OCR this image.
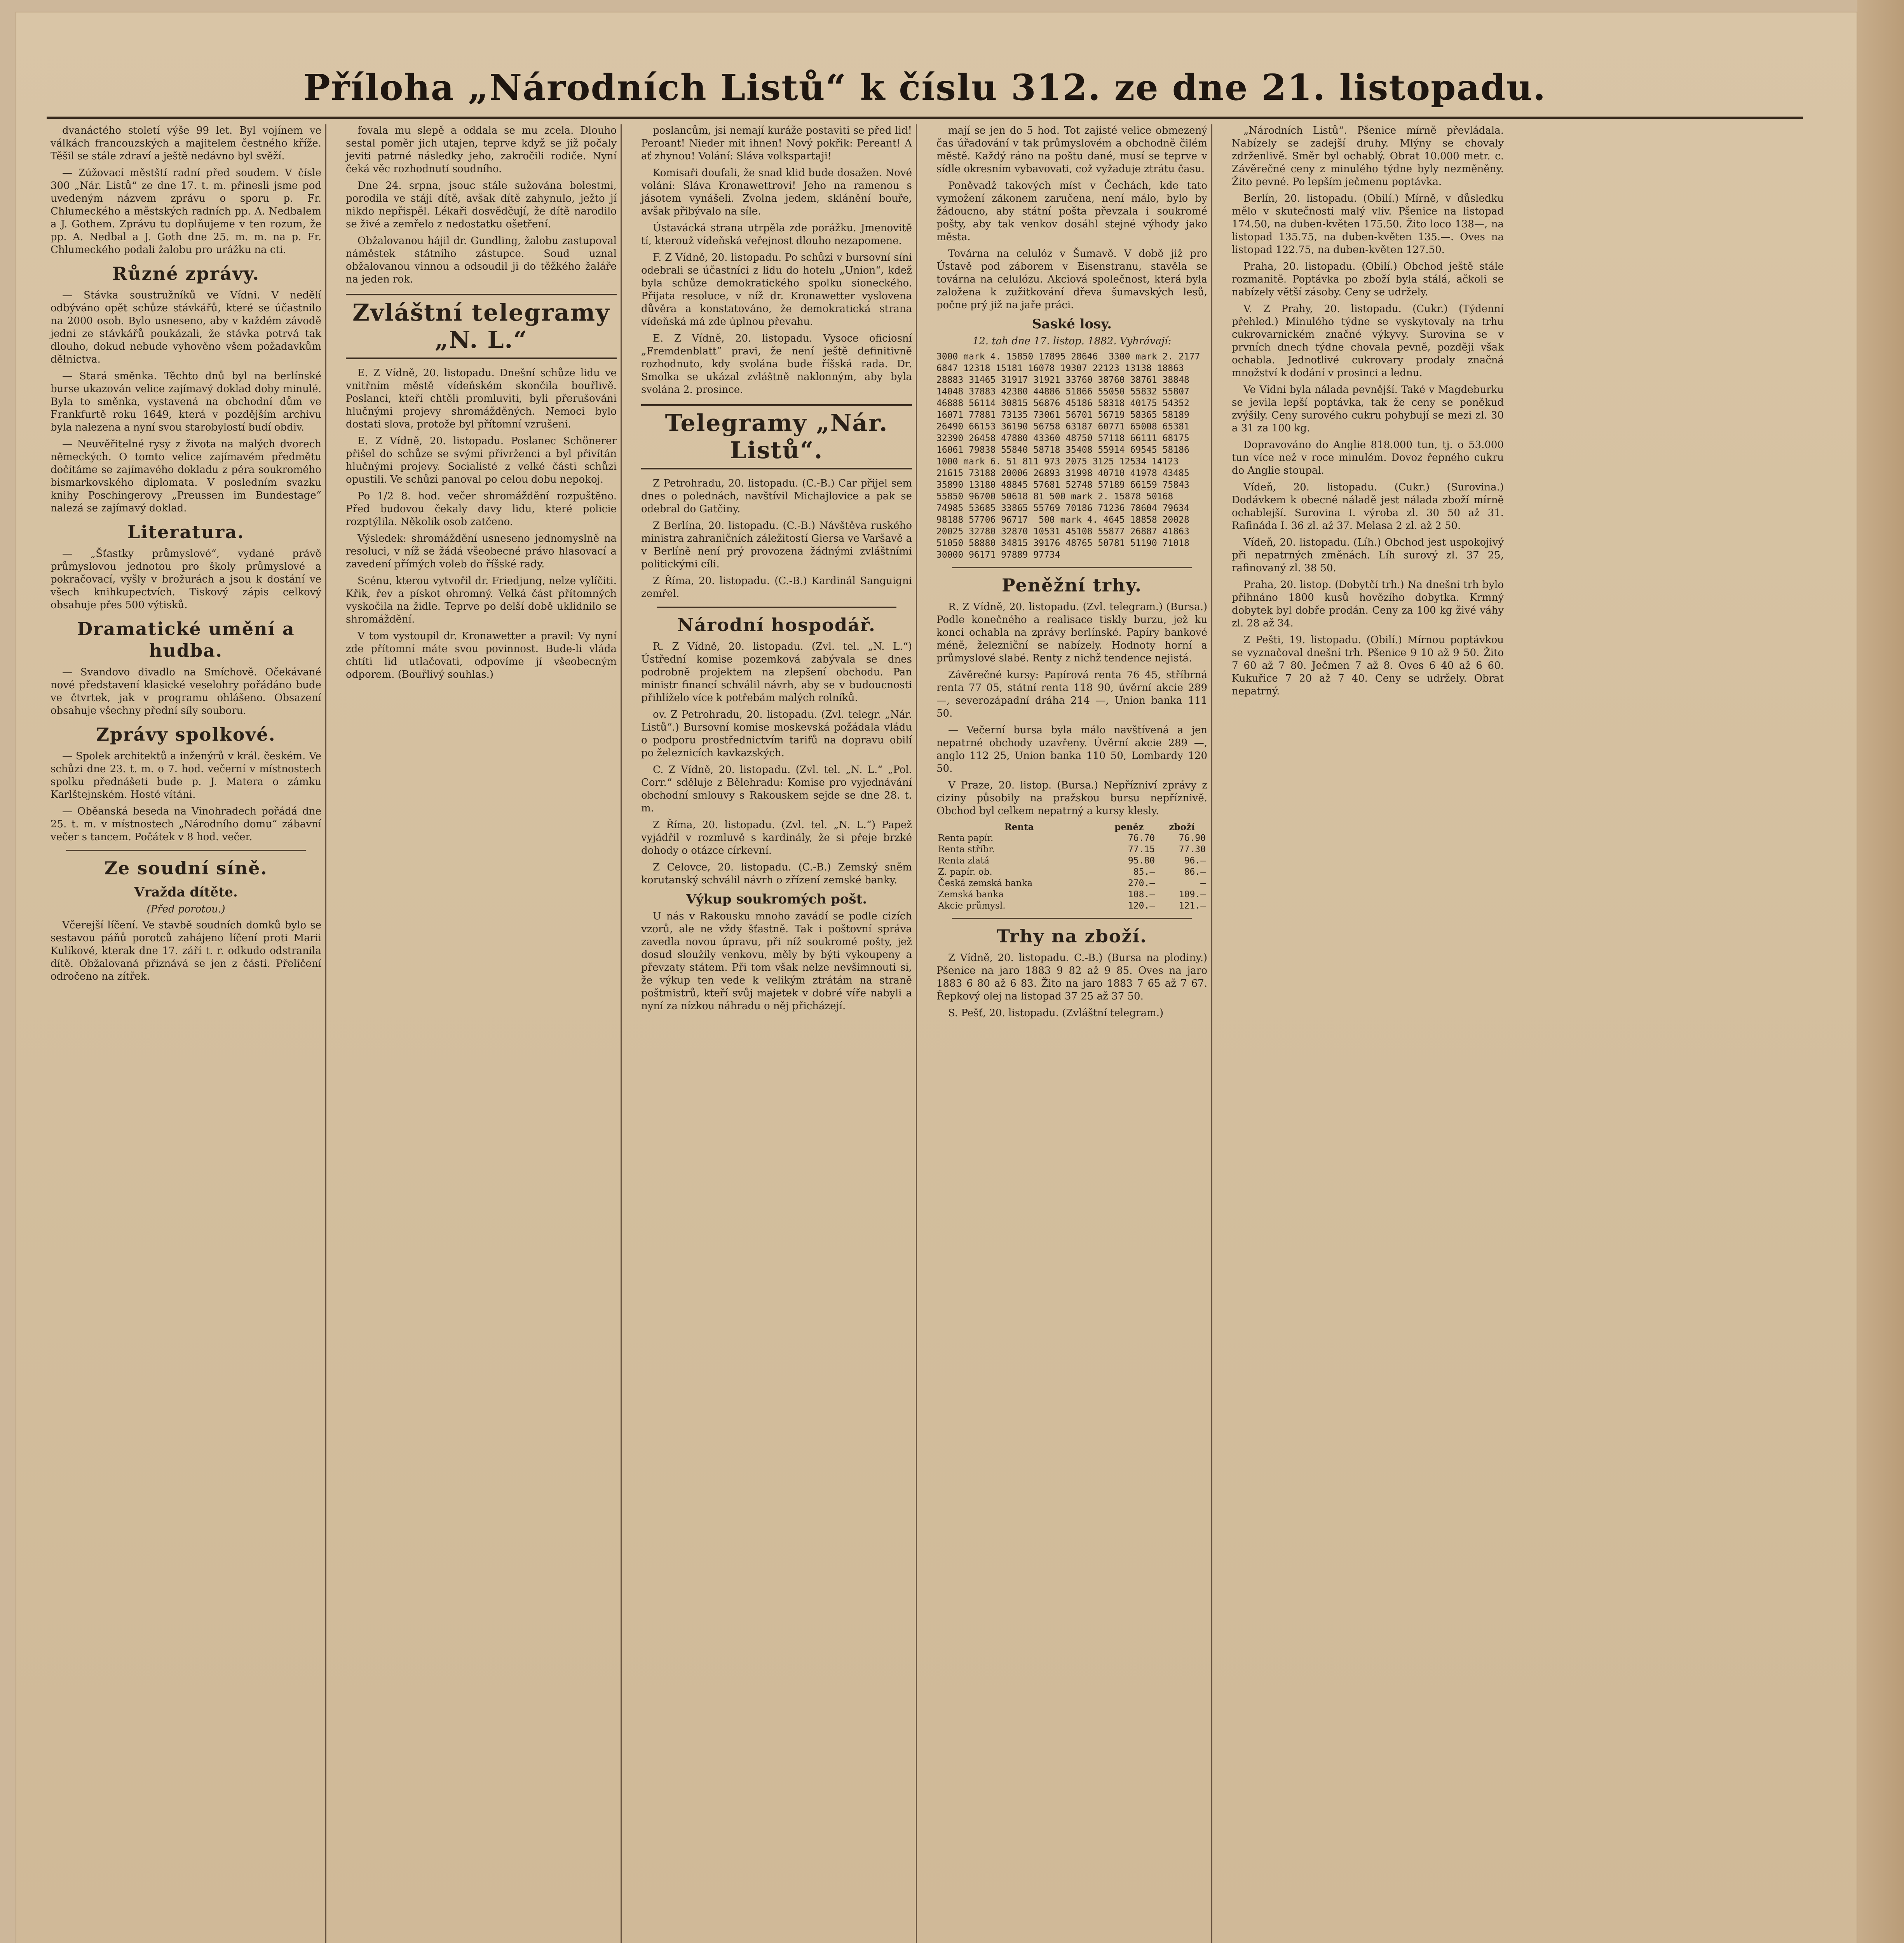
Příloha „Národních Listů“ k číslu 312. ze dne 21. listopadu.

dvanáctého století výše 99 let. Byl vojínem ve válkách francouzských a majitelem čestného kříže. Těšil se stále zdraví a ještě nedávno byl svěží.

— Zúžovací městští radní před soudem. V čísle 300 „Nár. Listů“ ze dne 17. t. m. přinesli jsme pod uvedeným názvem zprávu o sporu p. Fr. Chlumeckého a městských radních pp. A. Nedbalem a J. Gothem. Zprávu tu doplňujeme v ten rozum, že pp. A. Nedbal a J. Goth dne 25. m. m. na p. Fr. Chlumeckého podali žalobu pro urážku na cti.

Různé zprávy.

— Stávka soustružníků ve Vídni. V nedělí odbýváno opět schůze stávkářů, které se účastnilo na 2000 osob. Bylo usneseno, aby v každém závodě jedni ze stávkářů poukázali, že stávka potrvá tak dlouho, dokud nebude vyhověno všem požadavkům dělnictva.

— Stará směnka. Těchto dnů byl na berlínské burse ukazován velice zajímavý doklad doby minulé. Byla to směnka, vystavená na obchodní dům ve Frankfurtě roku 1649, která v pozdějším archivu byla nalezena a nyní svou starobylostí budí obdiv.

— Neuvěřitelné rysy z života na malých dvorech německých. O tomto velice zajímavém předmětu dočítáme se zajímavého dokladu z péra soukromého bismarkovského diplomata. V posledním svazku knihy Poschingerovy „Preussen im Bundestage“ nalezá se zajímavý doklad.

Literatura.

— „Šťastky průmyslové“, vydané právě průmyslovou jednotou pro školy průmyslové a pokračovací, vyšly v brožurách a jsou k dostání ve všech knihkupectvích. Tiskový zápis celkový obsahuje přes 500 výtisků.

Dramatické umění a hudba.

— Svandovo divadlo na Smíchově. Očekávané nové představení klasické veselohry pořádáno bude ve čtvrtek, jak v programu ohlášeno. Obsazení obsahuje všechny přední síly souboru.

Zprávy spolkové.

— Spolek architektů a inženýrů v král. českém. Ve schůzi dne 23. t. m. o 7. hod. večerní v místnostech spolku přednášeti bude p. J. Matera o zámku Karlštejnském. Hosté vítáni.

— Oběanská beseda na Vinohradech pořádá dne 25. t. m. v místnostech „Národního domu“ zábavní večer s tancem. Počátek v 8 hod. večer.

Ze soudní síně.
Vražda dítěte.
(Před porotou.)

Včerejší líčení. Ve stavbě soudních domků bylo se sestavou páňů porotců zahájeno líčení proti Marii Kulíkové, kterak dne 17. září t. r. odkudo odstranila dítě. Obžalovaná přiznává se jen z části. Přelíčení odročeno na zítřek.

fovala mu slepě a oddala se mu zcela. Dlouho sestal poměr jich utajen, teprve když se již počaly jeviti patrné následky jeho, zakročili rodiče. Nyní čeká věc rozhodnutí soudního.

Dne 24. srpna, jsouc stále sužována bolestmi, porodila ve stáji dítě, avšak dítě zahynulo, ježto jí nikdo nepřispěl. Lékaři dosvědčují, že dítě narodilo se živé a zemřelo z nedostatku ošetření.

Obžalovanou hájil dr. Gundling, žalobu zastupoval náměstek státního zástupce. Soud uznal obžalovanou vinnou a odsoudil ji do těžkého žaláře na jeden rok.

Zvláštní telegramy „N. L.“

E. Z Vídně, 20. listopadu. Dnešní schůze lidu ve vnitřním městě vídeňském skončila bouřlivě. Poslanci, kteří chtěli promluviti, byli přerušováni hlučnými projevy shromážděných. Nemoci bylo dostati slova, protože byl přítomní vzrušeni.

E. Z Vídně, 20. listopadu. Poslanec Schönerer přišel do schůze se svými přívrženci a byl přivítán hlučnými projevy. Socialisté z velké části schůzi opustili. Ve schůzi panoval po celou dobu nepokoj.

Po 1/2 8. hod. večer shromáždění rozpuštěno. Před budovou čekaly davy lidu, které policie rozptýlila. Několik osob zatčeno.

Výsledek: shromáždění usneseno jednomyslně na resoluci, v níž se žádá všeobecné právo hlasovací a zavedení přímých voleb do říšské rady.

Scénu, kterou vytvořil dr. Friedjung, nelze vylíčiti. Křik, řev a pískot ohromný. Velká část přítomných vyskočila na židle. Teprve po delší době uklidnilo se shromáždění.

V tom vystoupil dr. Kronawetter a pravil: Vy nyní zde přítomní máte svou povinnost. Bude-li vláda chtíti lid utlačovati, odpovíme jí všeobecným odporem. (Bouřlivý souhlas.)

poslancům, jsi nemají kuráže postaviti se před lid! Peroant! Nieder mit ihnen! Nový pokřik: Pereant! A ať zhynou! Volání: Sláva volkspartaji!

Komisaři doufali, že snad klid bude dosažen. Nové volání: Sláva Kronawettrovi! Jeho na ramenou s jásotem vynášeli. Zvolna jedem, sklánění bouře, avšak přibývalo na síle.

Ústavácká strana utrpěla zde porážku. Jmenovitě tí, kterouž vídeňská veřejnost dlouho nezapomene.

F. Z Vídně, 20. listopadu. Po schůzi v bursovní síni odebrali se účastníci z lidu do hotelu „Union“, kdež byla schůze demokratického spolku sioneckého. Přijata resoluce, v níž dr. Kronawetter vyslovena důvěra a konstatováno, že demokratická strana vídeňská má zde úplnou převahu.

E. Z Vídně, 20. listopadu. Vysoce oficiosní „Fremdenblatt“ pravi, že není ještě definitivně rozhodnuto, kdy svolána bude říšská rada. Dr. Smolka se ukázal zvláštně naklonným, aby byla svolána 2. prosince.

Telegramy „Nár. Listů“.

Z Petrohradu, 20. listopadu. (C.-B.) Car přijel sem dnes o polednách, navštívil Michajlovice a pak se odebral do Gatčiny.

Z Berlína, 20. listopadu. (C.-B.) Návštěva ruského ministra zahraničních záležitostí Giersa ve Varšavě a v Berlíně není prý provozena žádnými zvláštními politickými cíli.

Z Říma, 20. listopadu. (C.-B.) Kardinál Sanguigni zemřel.

Národní hospodář.

R. Z Vídně, 20. listopadu. (Zvl. tel. „N. L.“) Ústřední komise pozemková zabývala se dnes podrobně projektem na zlepšení obchodu. Pan ministr financí schválil návrh, aby se v budoucnosti přihlíželo více k potřebám malých rolníků.

ov. Z Petrohradu, 20. listopadu. (Zvl. telegr. „Nár. Listů“.) Bursovní komise moskevská požádala vládu o podporu prostřednictvím tarifů na dopravu obilí po železnicích kavkazských.

C. Z Vídně, 20. listopadu. (Zvl. tel. „N. L.“ „Pol. Corr.“ sděluje z Bělehradu: Komise pro vyjednávání obchodní smlouvy s Rakouskem sejde se dne 28. t. m.

Z Říma, 20. listopadu. (Zvl. tel. „N. L.“) Papež vyjádřil v rozmluvě s kardinály, že si přeje brzké dohody o otázce církevní.

Z Celovce, 20. listopadu. (C.-B.) Zemský sněm korutanský schválil návrh o zřízení zemské banky.

Výkup soukromých pošt.

U nás v Rakousku mnoho zavádí se podle cizích vzorů, ale ne vždy šťastně. Tak i poštovní správa zavedla novou úpravu, při níž soukromé pošty, jež dosud sloužily venkovu, měly by býti vykoupeny a převzaty státem. Při tom však nelze nevšimnouti si, že výkup ten vede k velikým ztrátám na straně poštmistrů, kteří svůj majetek v dobré víře nabyli a nyní za nízkou náhradu o něj přicházejí.

mají se jen do 5 hod. Tot zajisté velice obmezený čas úřadování v tak průmyslovém a obchodně čilém městě. Každý ráno na poštu dané, musí se teprve v sídle okresním vybavovati, což vyžaduje ztrátu času.

Poněvadž takových míst v Čechách, kde tato vymožení zákonem zaručena, není málo, bylo by žádoucno, aby státní pošta převzala i soukromé pošty, aby tak venkov dosáhl stejné výhody jako města.

Továrna na celulóz v Šumavě. V době již pro Ústavě pod záborem v Eisenstranu, stavěla se továrna na celulózu. Akciová společnost, která byla založena k zužitkování dřeva šumavských lesů, počne prý již na jaře práci.

Saské losy.
12. tah dne 17. listop. 1882. Vyhrávají:
3000 mark 4. 15850 17895 28646  3300 mark 2. 2177
6847 12318 15181 16078 19307 22123 13138 18863
28883 31465 31917 31921 33760 38760 38761 38848
14048 37883 42380 44886 51866 55050 55832 55807
46888 56114 30815 56876 45186 58318 40175 54352
16071 77881 73135 73061 56701 56719 58365 58189
26490 66153 36190 56758 63187 60771 65008 65381
32390 26458 47880 43360 48750 57118 66111 68175
16061 79838 55840 58718 35408 55914 69545 58186
1000 mark 6. 51 811 973 2075 3125 12534 14123
21615 73188 20006 26893 31998 40710 41978 43485
35890 13180 48845 57681 52748 57189 66159 75843
55850 96700 50618 81 500 mark 2. 15878 50168
74985 53685 33865 55769 70186 71236 78604 79634
98188 57706 96717  500 mark 4. 4645 18858 20028
20025 32780 32870 10531 45108 55877 26887 41863
51050 58880 34815 39176 48765 50781 51190 71018
30000 96171 97889 97734
Peněžní trhy.

R. Z Vídně, 20. listopadu. (Zvl. telegram.) (Bursa.) Podle konečného a realisace tiskly burzu, jež ku konci ochabla na zprávy berlínské. Papíry bankové méně, železniční se nabízely. Hodnoty horní a průmyslové slabé. Renty z nichž tendence nejistá.

Závěrečné kursy: Papírová renta 76 45, stříbrná renta 77 05, státní renta 118 90, úvěrní akcie 289 —, severozápadní dráha 214 —, Union banka 111 50.

— Večerní bursa byla málo navštívená a jen nepatrné obchody uzavřeny. Úvěrní akcie 289 —, anglo 112 25, Union banka 110 50, Lombardy 120 50.

V Praze, 20. listop. (Bursa.) Nepřízniví zprávy z ciziny působily na pražskou bursu nepříznivě. Obchod byl celkem nepatrný a kursy klesly.

Renta	peněz	zboží
Renta papír.	76.70	76.90
Renta stříbr.	77.15	77.30
Renta zlatá	95.80	96.—
Z. papír. ob.	85.—	86.—
Česká zemská banka	270.—	—
Zemská banka	108.—	109.—
Akcie průmysl.	120.—	121.—
Trhy na zboží.

Z Vídně, 20. listopadu. C.-B.) (Bursa na plodiny.) Pšenice na jaro 1883 9 82 až 9 85. Oves na jaro 1883 6 80 až 6 83. Žito na jaro 1883 7 65 až 7 67. Řepkový olej na listopad 37 25 až 37 50.

S. Pešť, 20. listopadu. (Zvláštní telegram.)

„Národních Listů“. Pšenice mírně převládala. Nabízely se zadejší druhy. Mlýny se chovaly zdrženlivě. Směr byl ochablý. Obrat 10.000 metr. c. Závěrečné ceny z minulého týdne byly nezměněny. Žito pevné. Po lepším ječmenu poptávka.

Berlín, 20. listopadu. (Obilí.) Mírně, v důsledku mělo v skutečnosti malý vliv. Pšenice na listopad 174.50, na duben-květen 175.50. Žito loco 138—, na listopad 135.75, na duben-květen 135.—. Oves na listopad 122.75, na duben-květen 127.50.

Praha, 20. listopadu. (Obilí.) Obchod ještě stále rozmanitě. Poptávka po zboží byla stálá, ačkoli se nabízely větší zásoby. Ceny se udržely.

V. Z Prahy, 20. listopadu. (Cukr.) (Týdenní přehled.) Minulého týdne se vyskytovaly na trhu cukrovarnickém značné výkyvy. Surovina se v prvních dnech týdne chovala pevně, později však ochabla. Jednotlivé cukrovary prodaly značná množství k dodání v prosinci a lednu.

Ve Vídni byla nálada pevnější. Také v Magdeburku se jevila lepší poptávka, tak že ceny se poněkud zvýšily. Ceny surového cukru pohybují se mezi zl. 30 a 31 za 100 kg.

Dopravováno do Anglie 818.000 tun, tj. o 53.000 tun více než v roce minulém. Dovoz řepného cukru do Anglie stoupal.

Vídeň, 20. listopadu. (Cukr.) (Surovina.) Dodávkem k obecné náladě jest nálada zboží mírně ochablejší. Surovina I. výroba zl. 30 50 až 31. Rafináda I. 36 zl. až 37. Melasa 2 zl. až 2 50.

Vídeň, 20. listopadu. (Líh.) Obchod jest uspokojivý při nepatrných změnách. Líh surový zl. 37 25, rafinovaný zl. 38 50.

Praha, 20. listop. (Dobytčí trh.) Na dnešní trh bylo přihnáno 1800 kusů hovězího dobytka. Krmný dobytek byl dobře prodán. Ceny za 100 kg živé váhy zl. 28 až 34.

Z Pešti, 19. listopadu. (Obilí.) Mírnou poptávkou se vyznačoval dnešní trh. Pšenice 9 10 až 9 50. Žito 7 60 až 7 80. Ječmen 7 až 8. Oves 6 40 až 6 60. Kukuřice 7 20 až 7 40. Ceny se udržely. Obrat nepatrný.
